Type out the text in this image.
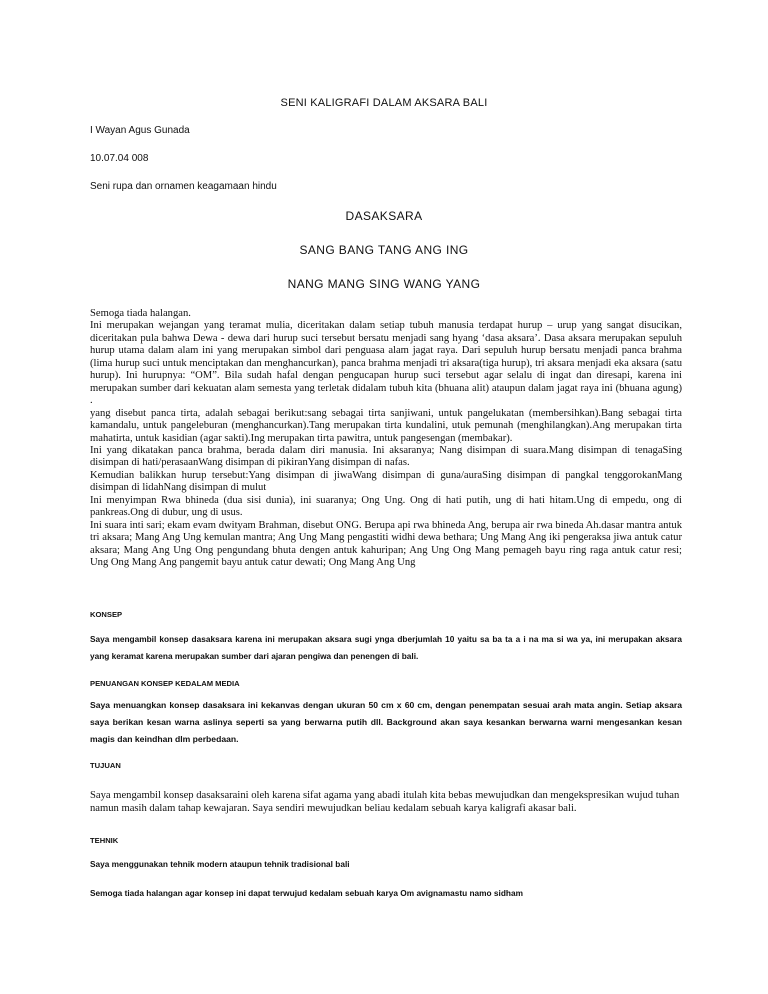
SENI KALIGRAFI DALAM AKSARA BALI
I Wayan Agus Gunada
10.07.04 008
Seni rupa dan ornamen keagamaan hindu
DASAKSARA
SANG BANG TANG ANG ING
NANG MANG SING WANG YANG

Semoga tiada halangan.

Ini merupakan wejangan yang teramat mulia, diceritakan dalam setiap tubuh manusia terdapat hurup – urup yang sangat disucikan, diceritakan pula bahwa Dewa - dewa dari hurup suci tersebut bersatu menjadi sang hyang ‘dasa aksara’. Dasa aksara merupakan sepuluh hurup utama dalam alam ini yang merupakan simbol dari penguasa alam jagat raya. Dari sepuluh hurup bersatu menjadi panca brahma (lima hurup suci untuk menciptakan dan menghancurkan), panca brahma menjadi tri aksara(tiga hurup), tri aksara menjadi eka aksara (satu hurup). Ini hurupnya: “OM”. Bila sudah hafal dengan pengucapan hurup suci tersebut agar selalu di ingat dan diresapi, karena ini merupakan sumber dari kekuatan alam semesta yang terletak didalam tubuh kita (bhuana alit) ataupun dalam jagat raya ini (bhuana agung) .

yang disebut panca tirta, adalah sebagai berikut:sang sebagai tirta sanjiwani, untuk pangelukatan (membersihkan).Bang sebagai tirta kamandalu, untuk pangeleburan (menghancurkan).Tang merupakan tirta kundalini, utuk pemunah (menghilangkan).Ang merupakan tirta mahatirta, untuk kasidian (agar sakti).Ing merupakan tirta pawitra, untuk pangesengan (membakar).

Ini yang dikatakan panca brahma, berada dalam diri manusia. Ini aksaranya; Nang disimpan di suara.Mang disimpan di tenagaSing disimpan di hati/perasaanWang disimpan di pikiranYang disimpan di nafas.

Kemudian balikkan hurup tersebut:Yang disimpan di jiwaWang disimpan di guna/auraSing disimpan di pangkal tenggorokanMang disimpan di lidahNang disimpan di mulut

Ini menyimpan Rwa bhineda (dua sisi dunia), ini suaranya; Ong Ung. Ong di hati putih, ung di hati hitam.Ung di empedu, ong di pankreas.Ong di dubur, ung di usus.

Ini suara inti sari; ekam evam dwityam Brahman, disebut ONG. Berupa api rwa bhineda Ang, berupa air rwa bineda Ah.dasar mantra antuk tri aksara; Mang Ang Ung kemulan mantra; Ang Ung Mang pengastiti widhi dewa bethara; Ung Mang Ang iki pengeraksa jiwa antuk catur aksara; Mang Ang Ung Ong pengundang bhuta dengen antuk kahuripan; Ang Ung Ong Mang pemageh bayu ring raga antuk catur resi; Ung Ong Mang Ang pangemit bayu antuk catur dewati; Ong Mang Ang Ung

KONSEP
Saya mengambil konsep dasaksara karena ini merupakan aksara sugi ynga dberjumlah 10 yaitu sa ba ta a i na ma si wa ya, ini merupakan aksara yang keramat karena merupakan sumber dari ajaran pengiwa dan penengen di bali.
PENUANGAN KONSEP KEDALAM MEDIA
Saya menuangkan konsep dasaksara ini kekanvas dengan ukuran 50 cm x 60 cm, dengan penempatan sesuai arah mata angin. Setiap aksara saya berikan kesan warna aslinya seperti sa yang berwarna putih dll. Background akan saya kesankan berwarna warni mengesankan kesan magis dan keindhan dlm perbedaan.
TUJUAN

Saya mengambil konsep dasaksaraini oleh karena sifat agama yang abadi itulah kita bebas mewujudkan dan mengekspresikan wujud tuhan namun masih dalam tahap kewajaran. Saya sendiri mewujudkan beliau kedalam sebuah karya kaligrafi akasar bali.

TEHNIK
Saya menggunakan tehnik modern ataupun tehnik tradisional bali
Semoga tiada halangan agar konsep ini dapat terwujud kedalam sebuah karya Om avignamastu namo sidham
